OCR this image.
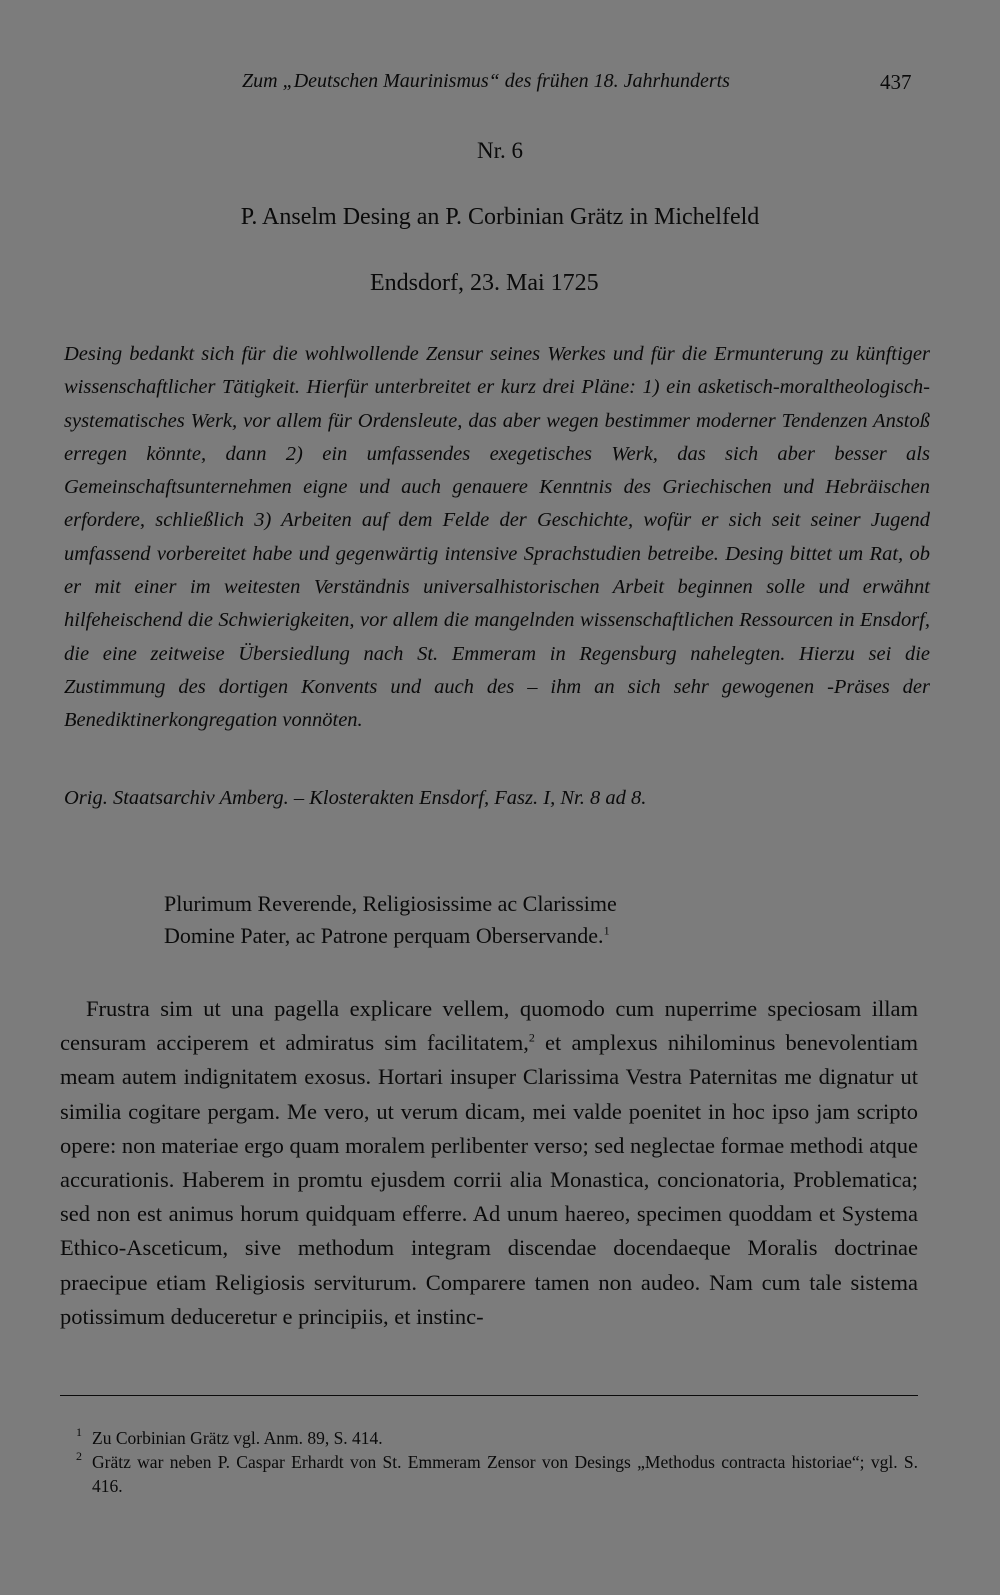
Zum „Deutschen Maurinismus“ des frühen 18. Jahrhunderts	437
Nr. 6
P. Anselm Desing an P. Corbinian Grätz in Michelfeld
Endsdorf, 23. Mai 1725

Desing bedankt sich für die wohlwollende Zensur seines Werkes und für die Ermunterung zu künftiger wissenschaftlicher Tätigkeit. Hierfür unterbreitet er kurz drei Pläne: 1) ein asketisch-moraltheologisch-systematisches Werk, vor allem für Ordensleute, das aber wegen bestimmer moderner Tendenzen Anstoß erregen könnte, dann 2) ein umfassendes exegetisches Werk, das sich aber besser als Gemeinschaftsunternehmen eigne und auch genauere Kenntnis des Griechischen und Hebräischen erfordere, schließlich 3) Arbeiten auf dem Felde der Geschichte, wofür er sich seit seiner Jugend umfassend vorbereitet habe und gegenwärtig intensive Sprachstudien betreibe. Desing bittet um Rat, ob er mit einer im weitesten Verständnis universalhistorischen Arbeit beginnen solle und erwähnt hilfeheischend die Schwierigkeiten, vor allem die mangelnden wissenschaftlichen Ressourcen in Ensdorf, die eine zeitweise Übersiedlung nach St. Emmeram in Regensburg nahelegten. Hierzu sei die Zustimmung des dortigen Konvents und auch des – ihm an sich sehr gewogenen -Präses der Benediktinerkongregation vonnöten.

Orig. Staatsarchiv Amberg. – Klosterakten Ensdorf, Fasz. I, Nr. 8 ad 8.
Plurimum Reverende, Religiosissime ac Clarissime
Domine Pater, ac Patrone perquam Oberservande.$^1$

Frustra sim ut una pagella explicare vellem, quomodo cum nuperrime speciosam illam censuram acciperem et admiratus sim facilitatem,$^2$ et amplexus nihilominus benevolentiam meam autem indignitatem exosus. Hortari insuper Clarissima Vestra Paternitas me dignatur ut similia cogitare pergam. Me vero, ut verum dicam, mei valde poenitet in hoc ipso jam scripto opere: non materiae ergo quam moralem perlibenter verso; sed neglectae formae methodi atque accurationis. Haberem in promtu ejusdem corrii alia Monastica, concionatoria, Problematica; sed non est animus horum quidquam efferre. Ad unum haereo, specimen quoddam et Systema Ethico-Asceticum, sive methodum integram discendae docendaeque Moralis doctrinae praecipue etiam Religiosis serviturum. Comparere tamen non audeo. Nam cum tale sistema potissimum deduceretur e principiis, et instinc-

1 Zu Corbinian Grätz vgl. Anm. 89, S. 414.
2 Grätz war neben P. Caspar Erhardt von St. Emmeram Zensor von Desings „Methodus contracta historiae“; vgl. S. 416.
